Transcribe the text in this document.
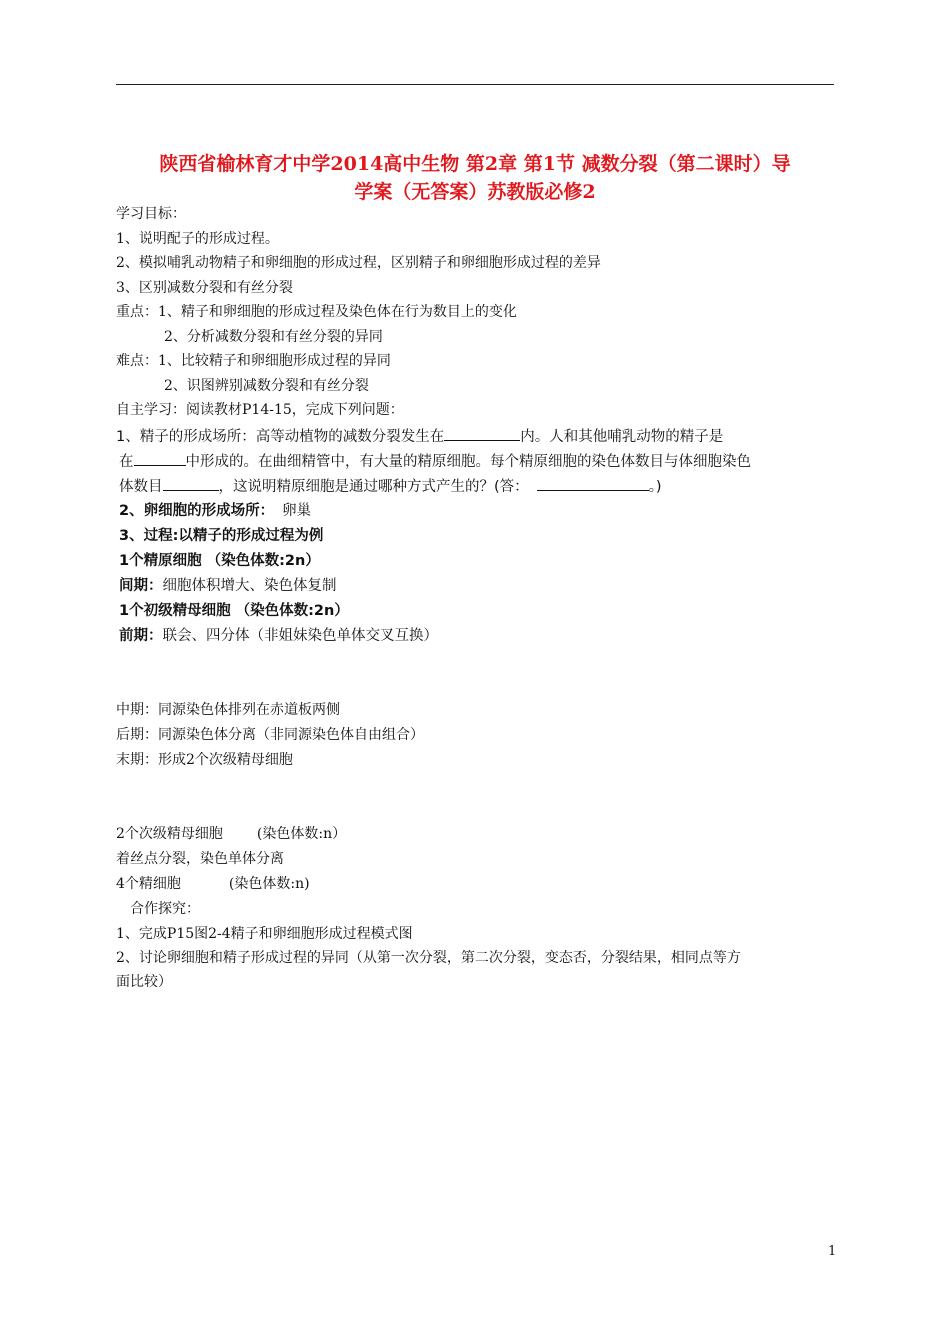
陕西省榆林育才中学2014高中生物 第2章 第1节 减数分裂（第二课时）导
学案（无答案）苏教版必修2
学习目标：
1、说明配子的形成过程。
2、模拟哺乳动物精子和卵细胞的形成过程，区别精子和卵细胞形成过程的差异
3、区别减数分裂和有丝分裂
重点：1、精子和卵细胞的形成过程及染色体在行为数目上的变化
2、分析减数分裂和有丝分裂的异同
难点：1、比较精子和卵细胞形成过程的异同
2、识图辨别减数分裂和有丝分裂
自主学习：阅读教材P14-15，完成下列问题：
1、精子的形成场所：高等动植物的减数分裂发生在	内。人和其他哺乳动物的精子是
在	中形成的。在曲细精管中，有大量的精原细胞。每个精原细胞的染色体数目与体细胞染色
体数目	，这说明精原细胞是通过哪种方式产生的？(答：	。)
2、卵细胞的形成场所： 卵巢
3、过程:以精子的形成过程为例
1个精原细胞 （染色体数:2n）
间期：细胞体积增大、染色体复制
1个初级精母细胞 （染色体数:2n）
前期：联会、四分体（非姐妹染色单体交叉互换）
中期：同源染色体排列在赤道板两侧
后期：同源染色体分离（非同源染色体自由组合）
末期：形成2个次级精母细胞
2个次级精母细胞 (染色体数:n）
着丝点分裂，染色单体分离
4个精细胞	(染色体数:n)
合作探究：
1、完成P15图2-4精子和卵细胞形成过程模式图
2、讨论卵细胞和精子形成过程的异同（从第一次分裂，第二次分裂，变态否，分裂结果，相同点等方
面比较）
1
